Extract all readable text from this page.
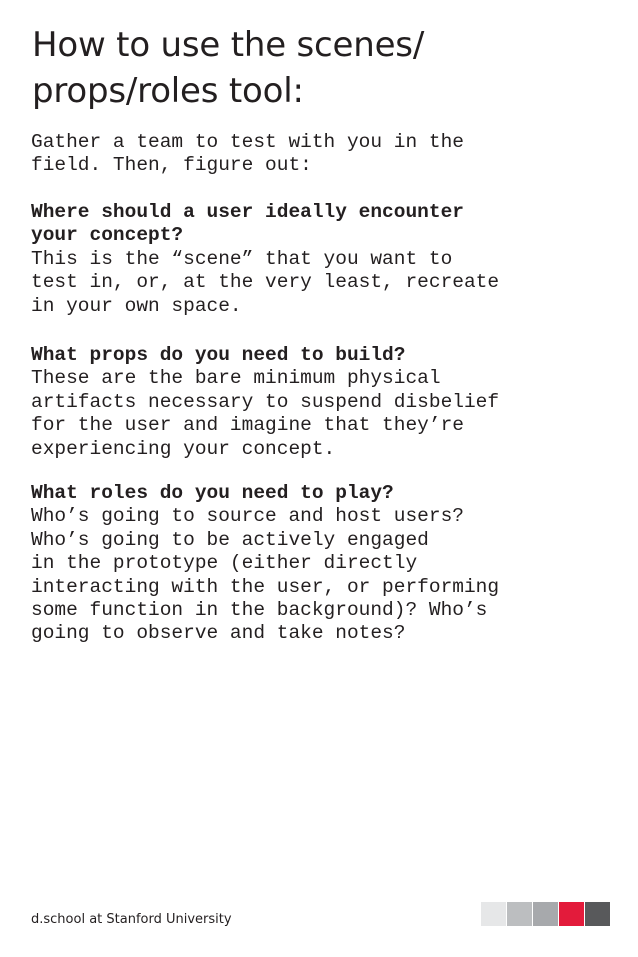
How to use the scenes/
props/roles tool:

Gather a team to test with you in the
field. Then, figure out:

Where should a user ideally encounter
your concept?
This is the “scene” that you want to
test in, or, at the very least, recreate
in your own space.
What props do you need to build?
These are the bare minimum physical
artifacts necessary to suspend disbelief
for the user and imagine that they’re
experiencing your concept.
What roles do you need to play?
Who’s going to source and host users?
Who’s going to be actively engaged
in the prototype (either directly
interacting with the user, or performing
some function in the background)? Who’s
going to observe and take notes?
d.school at Stanford University
